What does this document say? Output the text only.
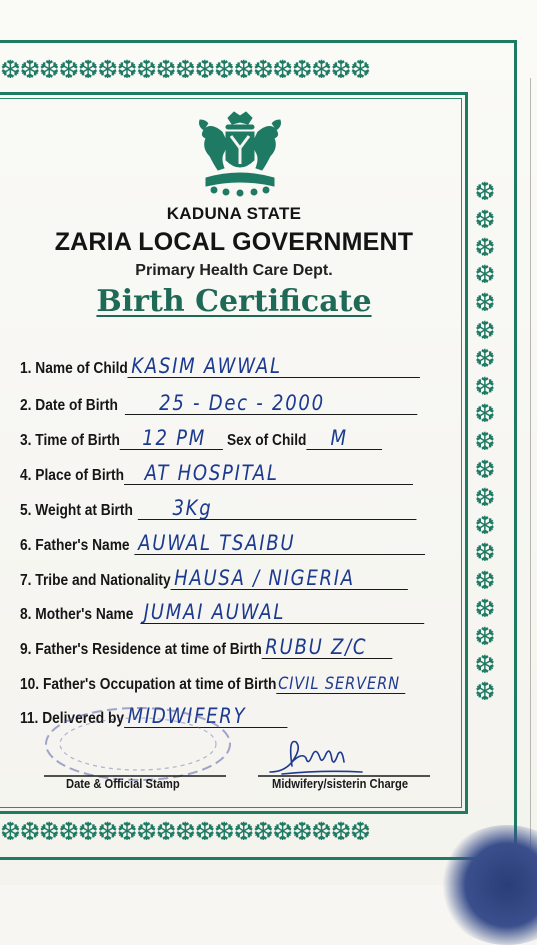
❆❆❆❆❆❆❆❆❆❆❆❆❆❆❆❆❆❆❆
❆❆❆❆❆❆❆❆❆❆❆❆❆❆❆❆❆❆❆
❆
❆
❆
❆
❆
❆
❆
❆
❆
❆
❆
❆
❆
❆
❆
❆
❆
❆
❆
KADUNA STATE
ZARIA LOCAL GOVERNMENT
Primary Health Care Dept.
Birth Certificate
1. Name of Child KASIM AWWAL
2. Date of Birth 25 - Dec - 2000
3. Time of Birth 12 PM Sex of Child M
4. Place of Birth AT HOSPITAL
5. Weight at Birth 3Kg
6. Father's Name AUWAL TSAIBU
7. Tribe and Nationality HAUSA / NIGERIA
8. Mother's Name JUMAI AUWAL
9. Father's Residence at time of Birth RUBU Z/C
10. Father's Occupation at time of Birth CIVIL SERVERN
11. Delivered by MIDWIFERY
Date & Official Stamp	Midwifery/sisterin Charge
